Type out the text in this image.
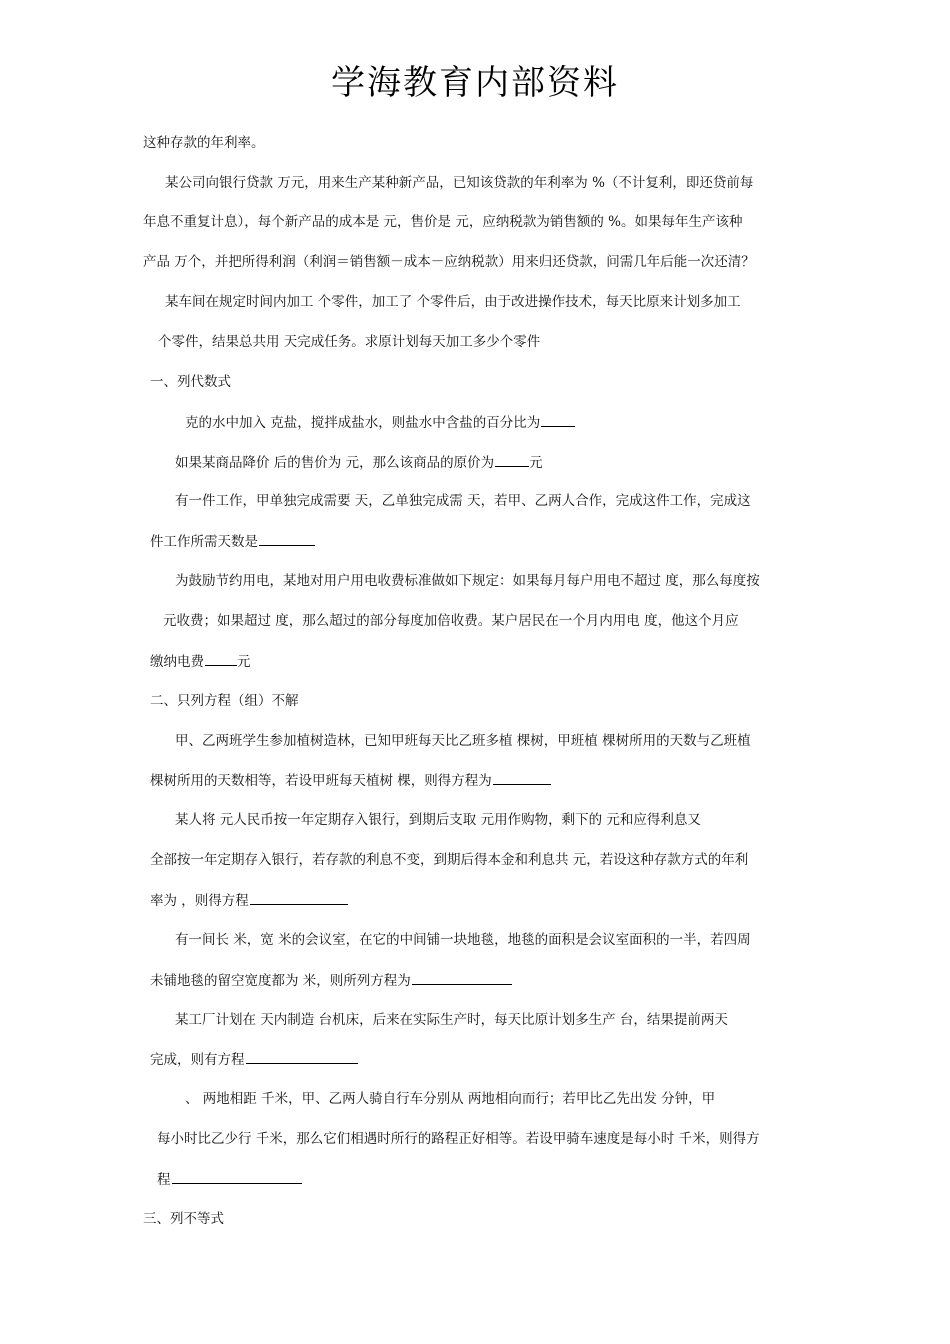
学海教育内部资料
这种存款的年利率。
某公司向银行贷款 万元，用来生产某种新产品，已知该贷款的年利率为 %（不计复利，即还贷前每
年息不重复计息），每个新产品的成本是 元，售价是 元，应纳税款为销售额的 %。如果每年生产该种
产品 万个，并把所得利润（利润＝销售额－成本－应纳税款）用来归还贷款，问需几年后能一次还清？
某车间在规定时间内加工 个零件，加工了 个零件后，由于改进操作技术，每天比原来计划多加工
个零件，结果总共用 天完成任务。求原计划每天加工多少个零件
一、列代数式
克的水中加入 克盐，搅拌成盐水，则盐水中含盐的百分比为
如果某商品降价 后的售价为 元，那么该商品的原价为	元
有一件工作，甲单独完成需要 天，乙单独完成需 天，若甲、乙两人合作，完成这件工作，完成这
件工作所需天数是
为鼓励节约用电，某地对用户用电收费标准做如下规定：如果每月每户用电不超过 度，那么每度按
元收费；如果超过 度，那么超过的部分每度加倍收费。某户居民在一个月内用电 度，他这个月应
缴纳电费 元
二、只列方程（组）不解
甲、乙两班学生参加植树造林，已知甲班每天比乙班多植 棵树，甲班植 棵树所用的天数与乙班植
棵树所用的天数相等，若设甲班每天植树 棵，则得方程为
某人将 元人民币按一年定期存入银行，到期后支取 元用作购物，剩下的 元和应得利息又
全部按一年定期存入银行，若存款的利息不变，到期后得本金和利息共 元，若设这种存款方式的年利
率为 ，则得方程
有一间长 米，宽 米的会议室，在它的中间铺一块地毯，地毯的面积是会议室面积的一半，若四周
未铺地毯的留空宽度都为 米，则所列方程为
某工厂计划在 天内制造 台机床，后来在实际生产时，每天比原计划多生产 台，结果提前两天
完成，则有方程
、 两地相距 千米，甲、乙两人骑自行车分别从 两地相向而行；若甲比乙先出发 分钟，甲
每小时比乙少行 千米，那么它们相遇时所行的路程正好相等。若设甲骑车速度是每小时 千米，则得方
程
三、列不等式
